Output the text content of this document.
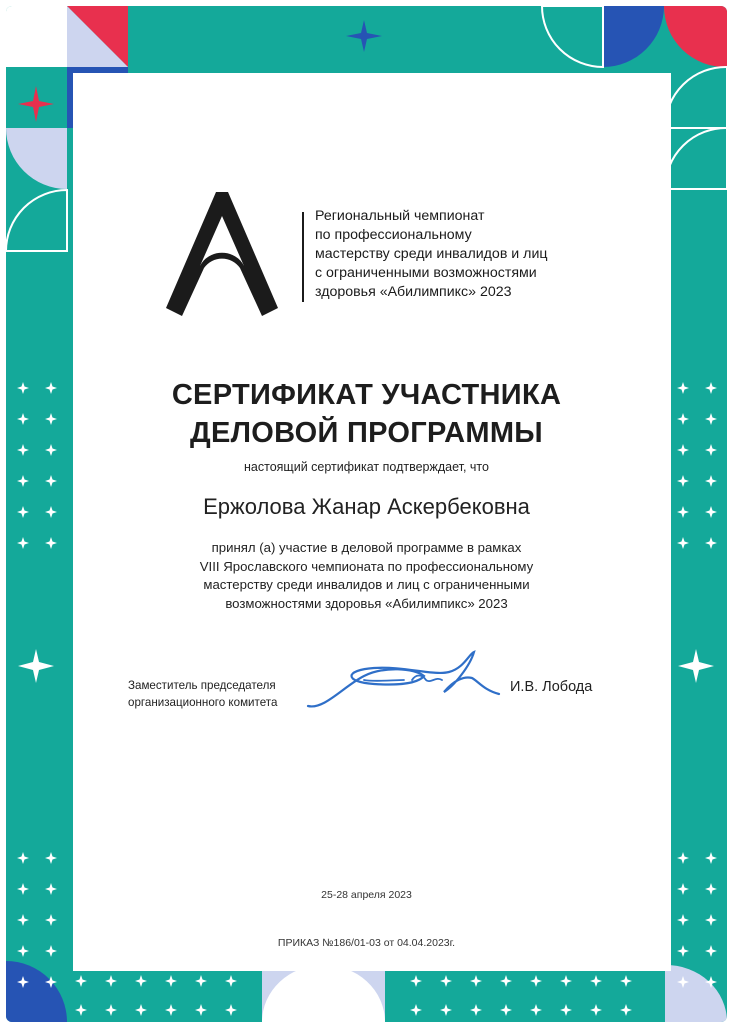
Региональный чемпионат
по профессиональному
мастерству среди инвалидов и лиц
с ограниченными возможностями
здоровья «Абилимпикс» 2023
СЕРТИФИКАТ УЧАСТНИКА
ДЕЛОВОЙ ПРОГРАММЫ
настоящий сертификат подтверждает, что
Ержолова Жанар Аскербековна
принял (а) участие в деловой программе в рамках
VIII Ярославского чемпионата по профессиональному
мастерству среди инвалидов и лиц с ограниченными
возможностями здоровья «Абилимпикс» 2023
Заместитель председателя
организационного комитета
И.В. Лобода
25-28 апреля 2023
ПРИКАЗ №186/01-03 от 04.04.2023г.
